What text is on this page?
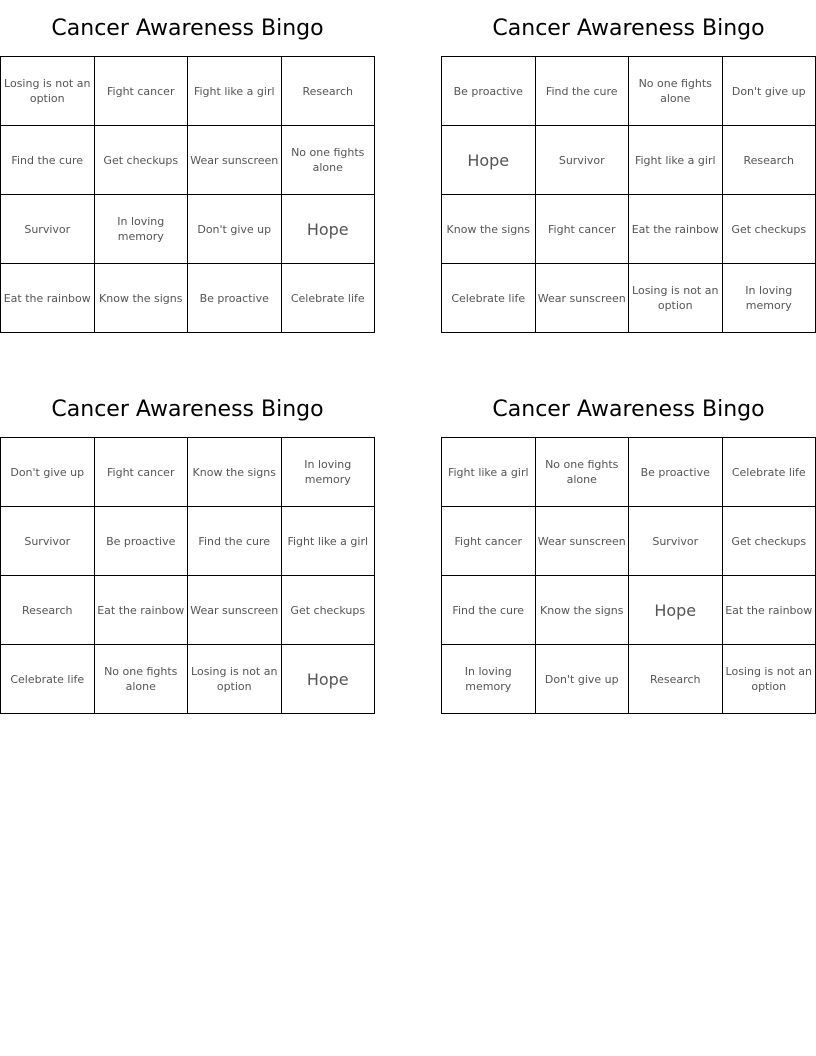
Cancer Awareness Bingo
Losing is not an option	Fight cancer	Fight like a girl	Research
Find the cure	Get checkups	Wear sunscreen	No one fights alone
Survivor	In loving memory	Don't give up	Hope
Eat the rainbow	Know the signs	Be proactive	Celebrate life
Cancer Awareness Bingo
Be proactive	Find the cure	No one fights alone	Don't give up
Hope	Survivor	Fight like a girl	Research
Know the signs	Fight cancer	Eat the rainbow	Get checkups
Celebrate life	Wear sunscreen	Losing is not an option	In loving memory
Cancer Awareness Bingo
Don't give up	Fight cancer	Know the signs	In loving memory
Survivor	Be proactive	Find the cure	Fight like a girl
Research	Eat the rainbow	Wear sunscreen	Get checkups
Celebrate life	No one fights alone	Losing is not an option	Hope
Cancer Awareness Bingo
Fight like a girl	No one fights alone	Be proactive	Celebrate life
Fight cancer	Wear sunscreen	Survivor	Get checkups
Find the cure	Know the signs	Hope	Eat the rainbow
In loving memory	Don't give up	Research	Losing is not an option
